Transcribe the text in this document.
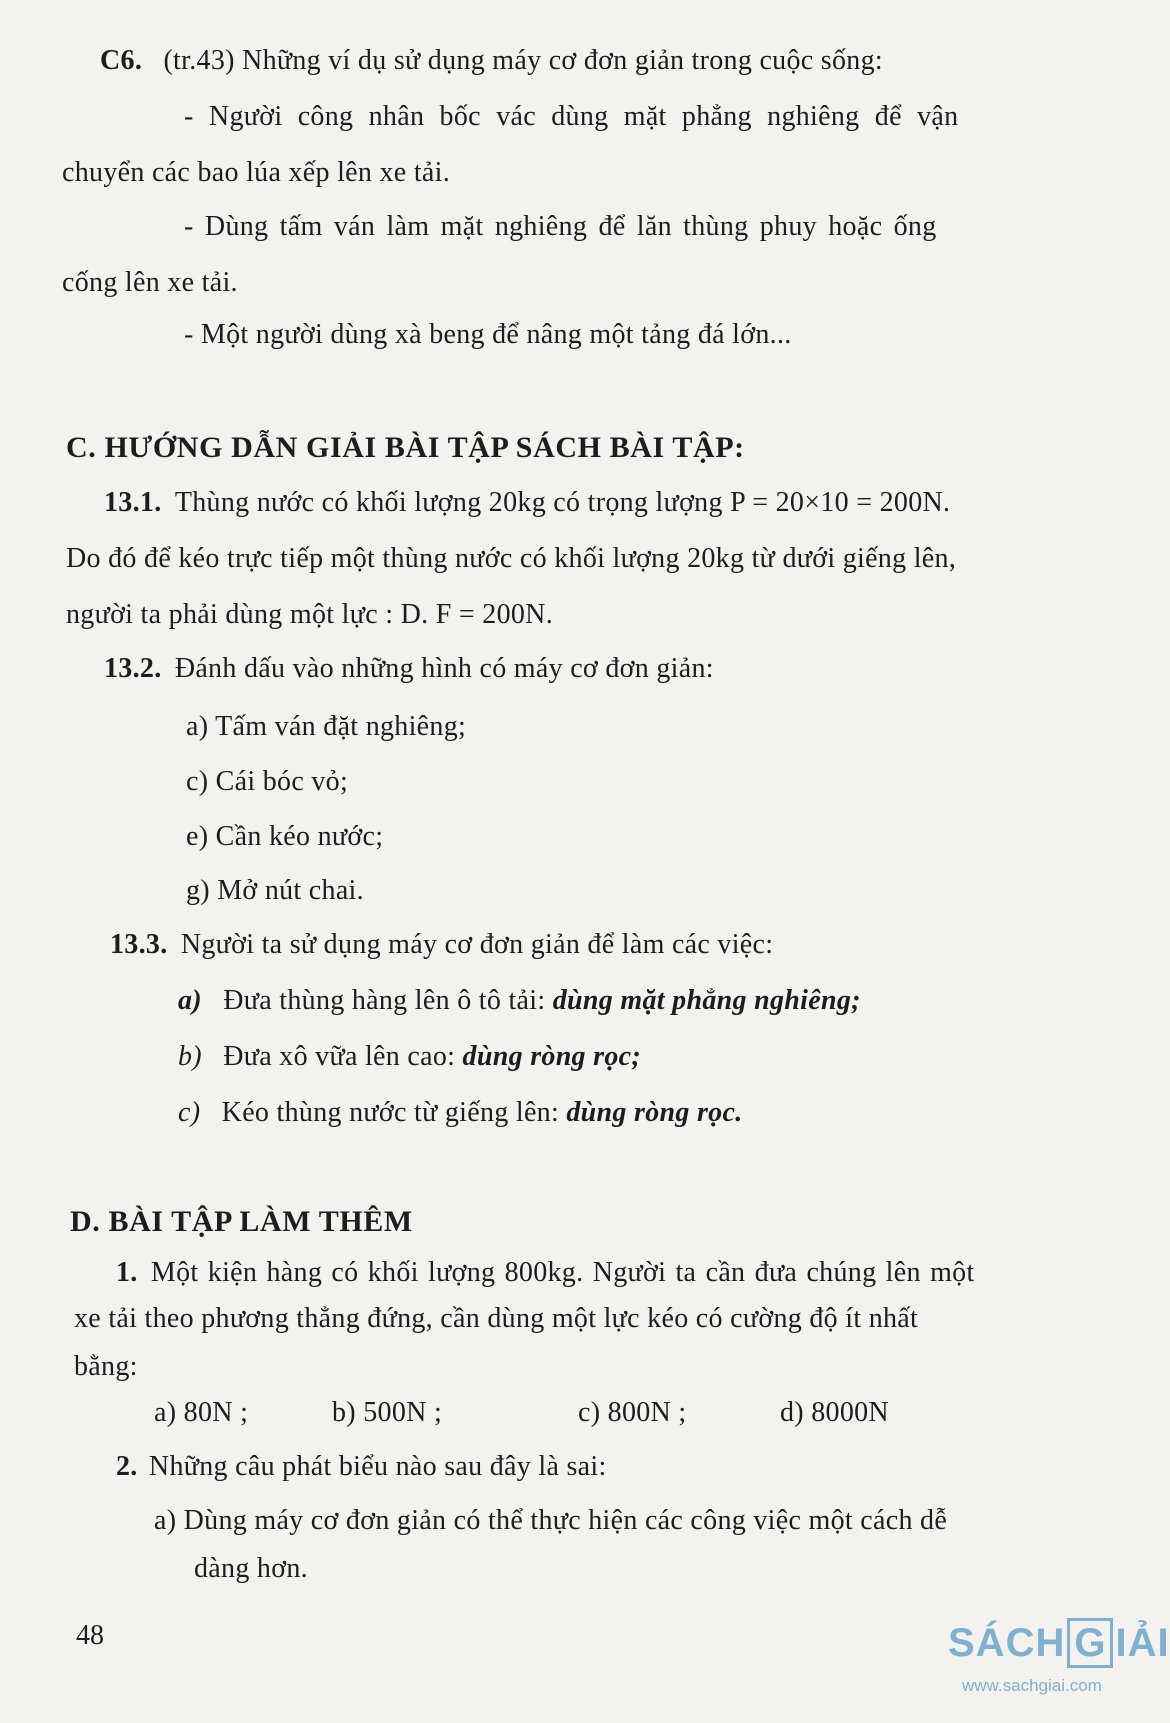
C6. (tr.43) Những ví dụ sử dụng máy cơ đơn giản trong cuộc sống:
- Người công nhân bốc vác dùng mặt phẳng nghiêng để vận
chuyển các bao lúa xếp lên xe tải.
- Dùng tấm ván làm mặt nghiêng để lăn thùng phuy hoặc ống
cống lên xe tải.
- Một người dùng xà beng để nâng một tảng đá lớn...
C. HƯỚNG DẪN GIẢI BÀI TẬP SÁCH BÀI TẬP:
13.1. Thùng nước có khối lượng 20kg có trọng lượng P = 20×10 = 200N.
Do đó để kéo trực tiếp một thùng nước có khối lượng 20kg từ dưới giếng lên,
người ta phải dùng một lực : D. F = 200N.
13.2. Đánh dấu vào những hình có máy cơ đơn giản:
a) Tấm ván đặt nghiêng;
c) Cái bóc vỏ;
e) Cần kéo nước;
g) Mở nút chai.
13.3. Người ta sử dụng máy cơ đơn giản để làm các việc:
a) Đưa thùng hàng lên ô tô tải: dùng mặt phẳng nghiêng;
b) Đưa xô vữa lên cao: dùng ròng rọc;
c) Kéo thùng nước từ giếng lên: dùng ròng rọc.
D. BÀI TẬP LÀM THÊM
1. Một kiện hàng có khối lượng 800kg. Người ta cần đưa chúng lên một
xe tải theo phương thẳng đứng, cần dùng một lực kéo có cường độ ít nhất
bằng:
a) 80N ;	b) 500N ;	c) 800N ;	d) 8000N
2. Những câu phát biểu nào sau đây là sai:
a) Dùng máy cơ đơn giản có thể thực hiện các công việc một cách dễ
dàng hơn.
48	SÁCH G IẢI
www.sachgiai.com
